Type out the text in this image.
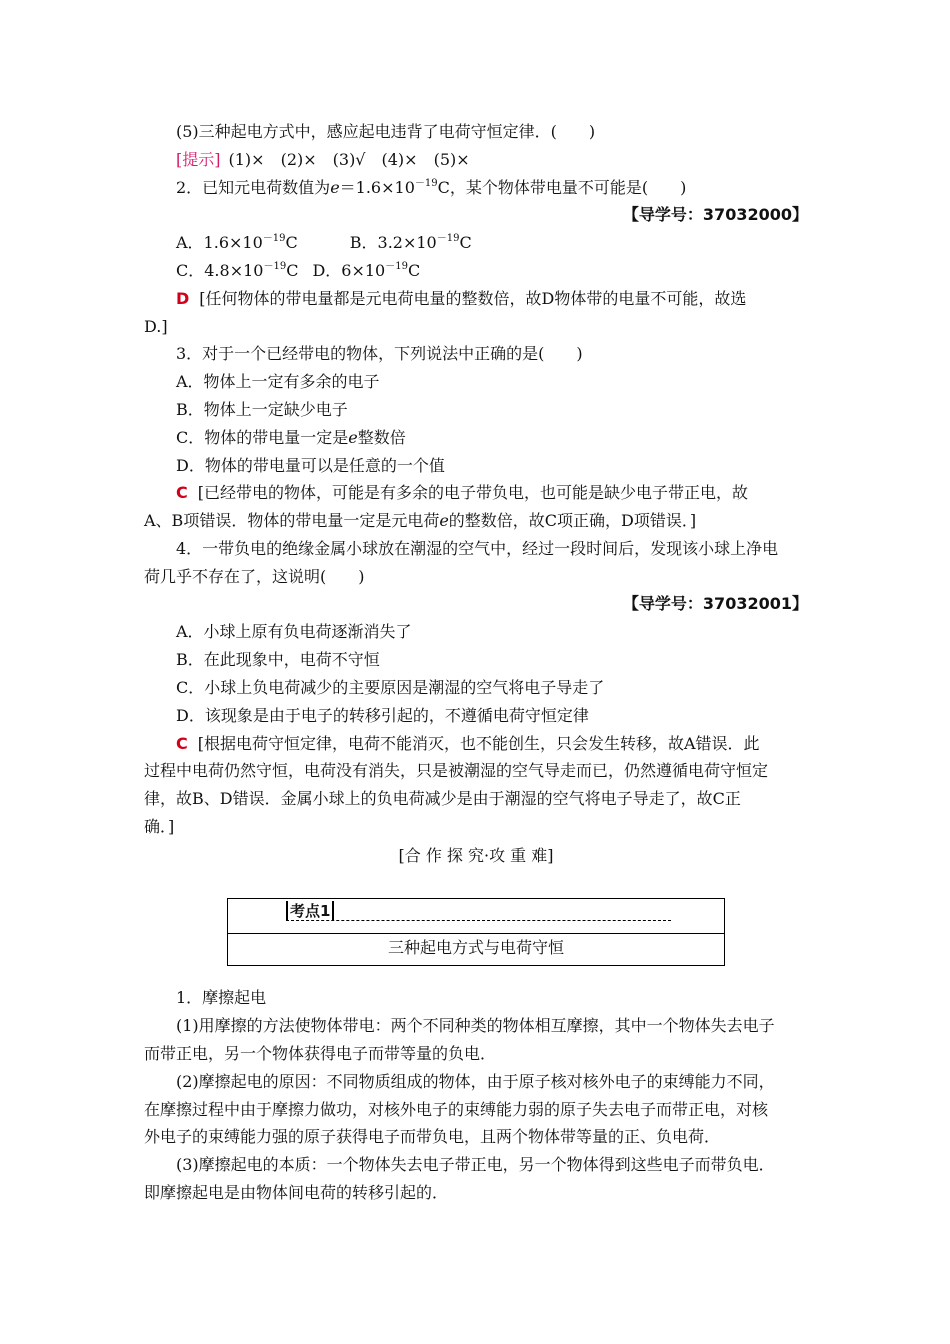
(5)三种起电方式中，感应起电违背了电荷守恒定律．(　　)
[提示] (1)×　(2)×　(3)√　(4)×　(5)×
2．已知元电荷数值为$e=1.6\times 10^{-19}C$，某个物体带电量不可能是(　　)
【导学号：37032000】
A．$1.6\times 10^{-19}C$	B．$3.2\times 10^{-19}C$
C．$4.8\times 10^{-19}C$ D．$6\times 10^{-19}C$
D [任何物体的带电量都是元电荷电量的整数倍，故D物体带的电量不可能，故选
D.]
3．对于一个已经带电的物体，下列说法中正确的是(　　)
A．物体上一定有多余的电子
B．物体上一定缺少电子
C．物体的带电量一定是e整数倍
D．物体的带电量可以是任意的一个值
C [已经带电的物体，可能是有多余的电子带负电，也可能是缺少电子带正电，故
A、B项错误．物体的带电量一定是元电荷e的整数倍，故C项正确，D项错误．]
4．一带负电的绝缘金属小球放在潮湿的空气中，经过一段时间后，发现该小球上净电
荷几乎不存在了，这说明(　　)
【导学号：37032001】
A．小球上原有负电荷逐渐消失了
B．在此现象中，电荷不守恒
C．小球上负电荷减少的主要原因是潮湿的空气将电子导走了
D．该现象是由于电子的转移引起的，不遵循电荷守恒定律
C [根据电荷守恒定律，电荷不能消灭，也不能创生，只会发生转移，故A错误．此
过程中电荷仍然守恒，电荷没有消失，只是被潮湿的空气导走而已，仍然遵循电荷守恒定
律，故B、D错误．金属小球上的负电荷减少是由于潮湿的空气将电子导走了，故C正
确．]
[合 作 探 究·攻 重 难]
考点1
三种起电方式与电荷守恒
1．摩擦起电
(1)用摩擦的方法使物体带电：两个不同种类的物体相互摩擦，其中一个物体失去电子
而带正电，另一个物体获得电子而带等量的负电．
(2)摩擦起电的原因：不同物质组成的物体，由于原子核对核外电子的束缚能力不同，
在摩擦过程中由于摩擦力做功，对核外电子的束缚能力弱的原子失去电子而带正电，对核
外电子的束缚能力强的原子获得电子而带负电，且两个物体带等量的正、负电荷．
(3)摩擦起电的本质：一个物体失去电子带正电，另一个物体得到这些电子而带负电．
即摩擦起电是由物体间电荷的转移引起的．
